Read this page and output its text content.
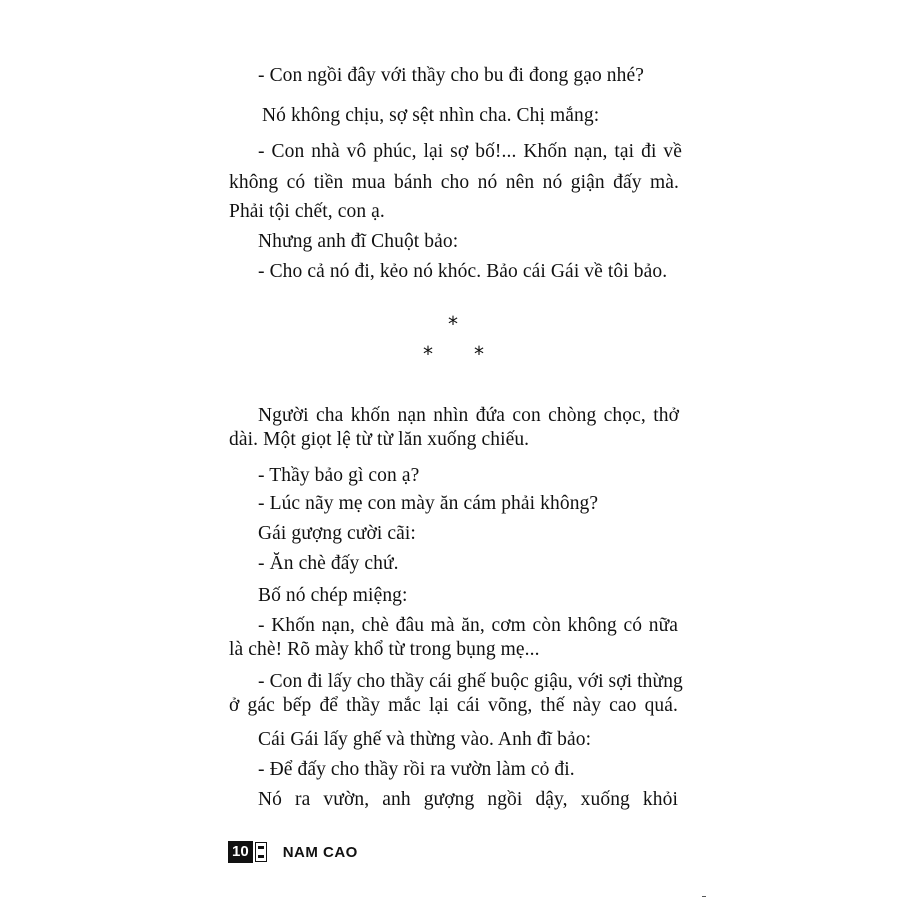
- Con ngồi đây với thầy cho bu đi đong gạo nhé?
Nó không chịu, sợ sệt nhìn cha. Chị mắng:
- Con nhà vô phúc, lại sợ bố!... Khốn nạn, tại đi về
không có tiền mua bánh cho nó nên nó giận đấy mà.
Phải tội chết, con ạ.
Nhưng anh đĩ Chuột bảo:
- Cho cả nó đi, kẻo nó khóc. Bảo cái Gái về tôi bảo.
*
* *
Người cha khốn nạn nhìn đứa con chòng chọc, thở
dài. Một giọt lệ từ từ lăn xuống chiếu.
- Thầy bảo gì con ạ?
- Lúc nãy mẹ con mày ăn cám phải không?
Gái gượng cười cãi:
- Ăn chè đấy chứ.
Bố nó chép miệng:
- Khốn nạn, chè đâu mà ăn, cơm còn không có nữa
là chè! Rõ mày khổ từ trong bụng mẹ...
- Con đi lấy cho thầy cái ghế buộc giậu, với sợi thừng
ở gác bếp để thầy mắc lại cái võng, thế này cao quá.
Cái Gái lấy ghế và thừng vào. Anh đĩ bảo:
- Để đấy cho thầy rồi ra vườn làm cỏ đi.
Nó ra vườn, anh gượng ngồi dậy, xuống khỏi
10 NAM CAO
